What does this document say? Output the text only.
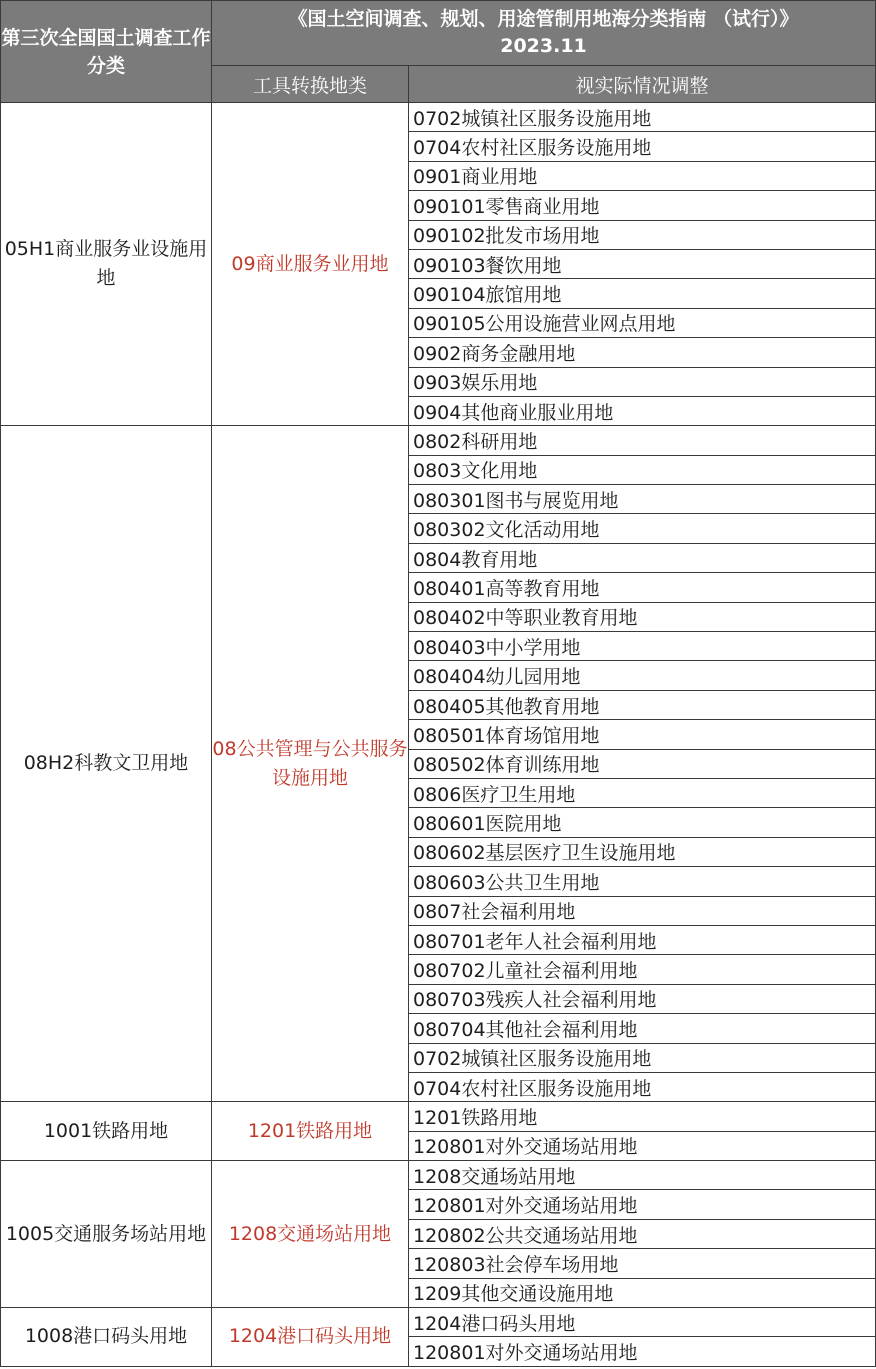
第三次全国国土调查工作分类	《国土空间调查、规划、用途管制用地海分类指南 （试行）》
2023.11	

	工具转换地类	视实际情况调整
05H1商业服务业设施用地	09商业服务业用地	0702城镇社区服务设施用地
		0704农村社区服务设施用地
		0901商业用地
		090101零售商业用地
		090102批发市场用地
		090103餐饮用地
		090104旅馆用地
		090105公用设施营业网点用地
		0902商务金融用地
		0903娱乐用地
		0904其他商业服业用地
08H2科教文卫用地	08公共管理与公共服务设施用地	0802科研用地
		0803文化用地
		080301图书与展览用地
		080302文化活动用地
		0804教育用地
		080401高等教育用地
		080402中等职业教育用地
		080403中小学用地
		080404幼儿园用地
		080405其他教育用地
		080501体育场馆用地
		080502体育训练用地
		0806医疗卫生用地
		080601医院用地
		080602基层医疗卫生设施用地
		080603公共卫生用地
		0807社会福利用地
		080701老年人社会福利用地
		080702儿童社会福利用地
		080703残疾人社会福利用地
		080704其他社会福利用地
		0702城镇社区服务设施用地
		0704农村社区服务设施用地
1001铁路用地	1201铁路用地	1201铁路用地
		120801对外交通场站用地
1005交通服务场站用地	1208交通场站用地	1208交通场站用地
		120801对外交通场站用地
		120802公共交通场站用地
		120803社会停车场用地
		1209其他交通设施用地
1008港口码头用地	1204港口码头用地	1204港口码头用地
		120801对外交通场站用地
